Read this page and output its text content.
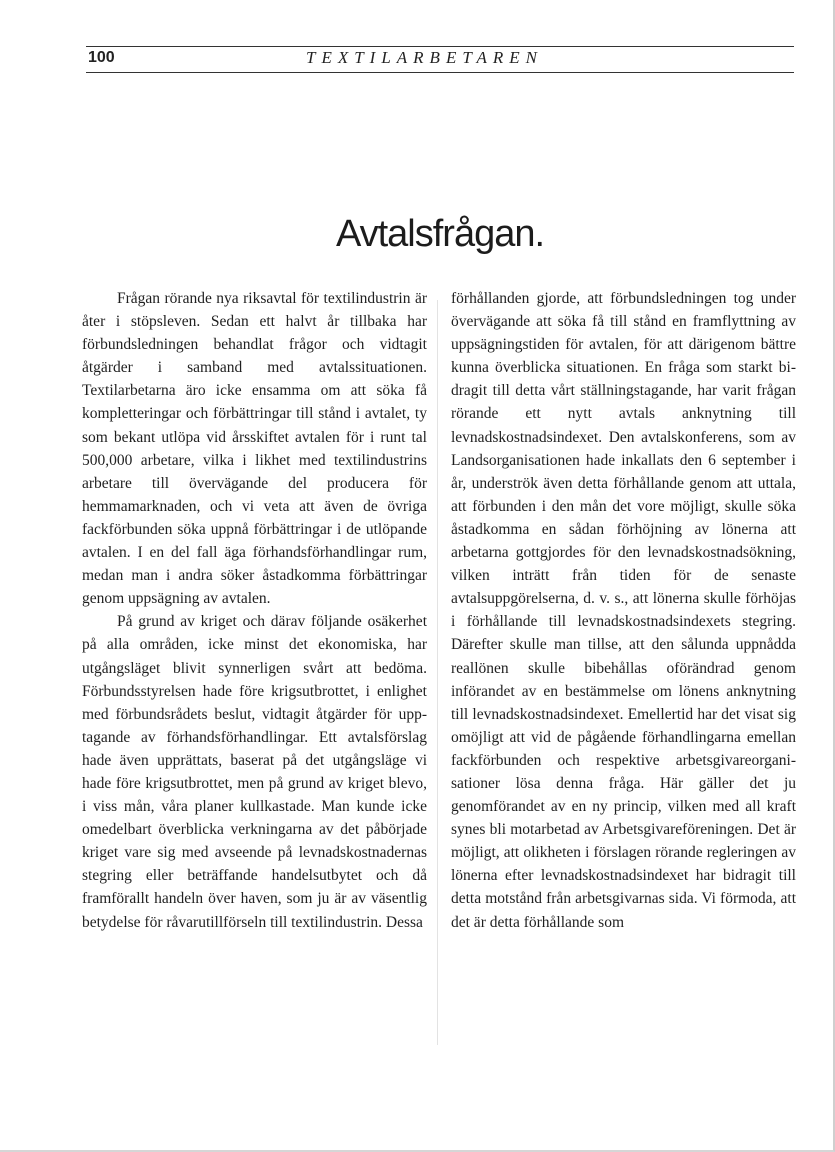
100	TEXTILARBETAREN
Avtalsfrågan.

Frågan rörande nya riksavtal för textilindustrin är åter i stöpsleven. Sedan ett halvt år tillbaka har förbundsledningen behandlat frågor och vidtagit åtgärder i samband med avtalssituationen. Textilarbetarna äro icke ensamma om att söka få kompletteringar och förbättringar till stånd i avtalet, ty som bekant utlöpa vid årsskiftet avtalen för i runt tal 500,000 arbetare, vilka i likhet med textilindustrins arbetare till övervägande del producera för hemmamarknaden, och vi veta att även de övriga fackförbunden söka uppnå förbättringar i de utlöpande avtalen. I en del fall äga förhandsförhandlingar rum, medan man i andra söker åstadkomma förbättringar genom uppsägning av avtalen.

På grund av kriget och därav följande osäkerhet på alla områden, icke minst det ekonomiska, har utgångsläget blivit synnerligen svårt att bedöma. Förbundsstyrelsen hade före krigsutbrottet, i enlighet med förbundsrådets beslut, vidtagit åtgärder för upptagande av förhandsförhandlingar. Ett avtalsförslag hade även upprättats, baserat på det utgångsläge vi hade före krigsutbrottet, men på grund av kriget blevo, i viss mån, våra planer kullkastade. Man kunde icke omedelbart överblicka verkningarna av det påbörjade kriget vare sig med avseende på levnadskostnadernas stegring eller beträffande handelsutbytet och då framförallt handeln över haven, som ju är av väsentlig betydelse för råvarutillförseln till textilindustrin. Dessa

förhållanden gjorde, att förbundsledningen tog under övervägande att söka få till stånd en framflyttning av uppsägningstiden för avtalen, för att därigenom bättre kunna överblicka situationen. En fråga som starkt bidragit till detta vårt ställningstagande, har varit frågan rörande ett nytt avtals anknytning till levnadskostnadsindexet. Den avtalskonferens, som av Landsorganisationen hade inkallats den 6 september i år, underströk även detta förhållande genom att uttala, att förbunden i den mån det vore möjligt, skulle söka åstadkomma en sådan förhöjning av lönerna att arbetarna gottgjordes för den levnadskostnadsökning, vilken inträtt från tiden för de senaste avtalsuppgörelserna, d. v. s., att lönerna skulle förhöjas i förhållande till levnadskostnadsindexets stegring. Därefter skulle man tillse, att den sålunda uppnådda reallönen skulle bibehållas oförändrad genom införandet av en bestämmelse om lönens anknytning till levnadskostnadsindexet. Emellertid har det visat sig omöjligt att vid de pågående förhandlingarna emellan fackförbunden och respektive arbetsgivareorganisationer lösa denna fråga. Här gäller det ju genomförandet av en ny princip, vilken med all kraft synes bli motarbetad av Arbetsgivareföreningen. Det är möjligt, att olikheten i förslagen rörande regleringen av lönerna efter levnadskostnadsindexet har bidragit till detta motstånd från arbetsgivarnas sida. Vi förmoda, att det är detta förhållande som
